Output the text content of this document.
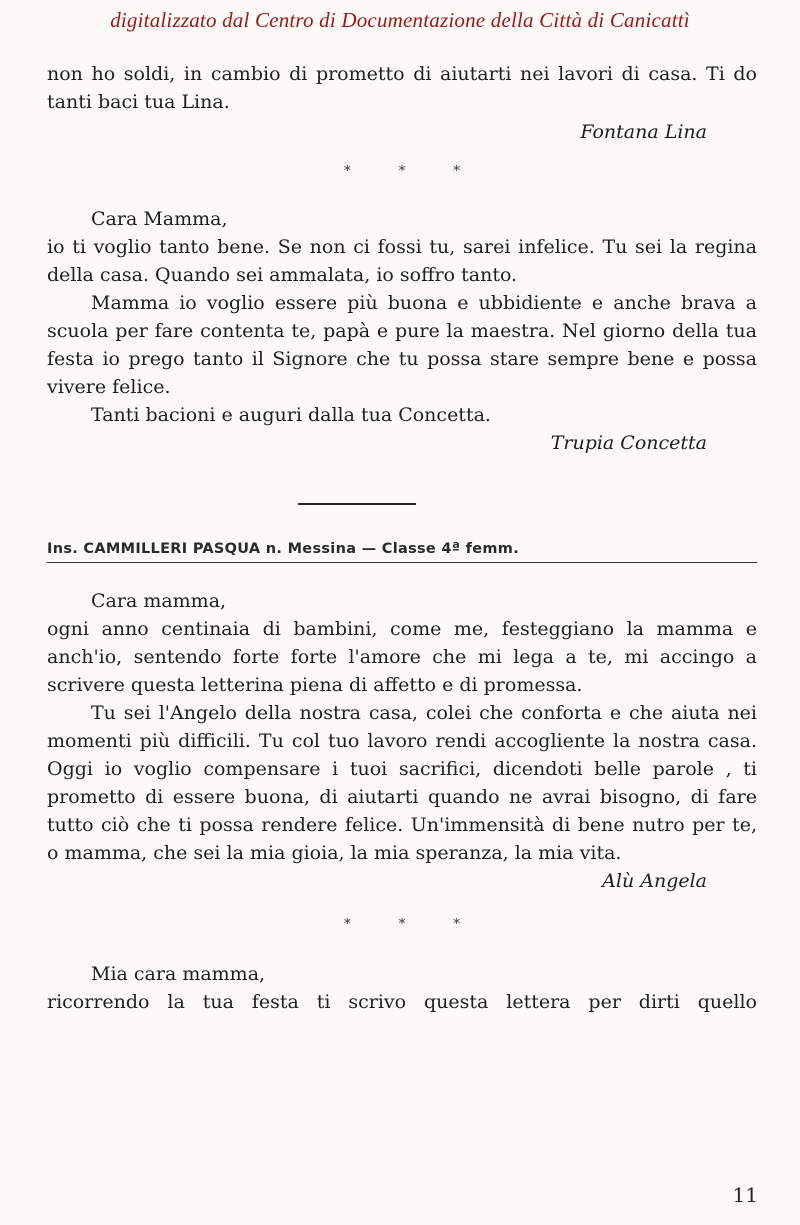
digitalizzato dal Centro di Documentazione della Città di Canicattì

non ho soldi, in cambio di prometto di aiutarti nei lavori di casa. Ti do tanti baci tua Lina.

Fontana Lina

* * *

Cara Mamma,

io ti voglio tanto bene. Se non ci fossi tu, sarei infelice. Tu sei la regina della casa. Quando sei ammalata, io soffro tanto.

Mamma io voglio essere più buona e ubbidiente e anche brava a scuola per fare contenta te, papà e pure la maestra. Nel giorno della tua festa io prego tanto il Signore che tu possa stare sempre bene e possa vivere felice.

Tanti bacioni e auguri dalla tua Concetta.

Trupia Concetta

Ins. CAMMILLERI PASQUA n. Messina — Classe 4ª femm.

Cara mamma,

ogni anno centinaia di bambini, come me, festeggiano la mamma e anch'io, sentendo forte forte l'amore che mi lega a te, mi accingo a scrivere questa letterina piena di affetto e di promessa.

Tu sei l'Angelo della nostra casa, colei che conforta e che aiuta nei momenti più difficili. Tu col tuo lavoro rendi accogliente la nostra casa. Oggi io voglio compensare i tuoi sacrifici, dicendoti belle parole , ti prometto di essere buona, di aiutarti quando ne avrai bisogno, di fare tutto ciò che ti possa rendere felice. Un'immensità di bene nutro per te, o mamma, che sei la mia gioia, la mia speranza, la mia vita.

Alù Angela

* * *

Mia cara mamma,

ricorrendo la tua festa ti scrivo questa lettera per dirti quello

11
